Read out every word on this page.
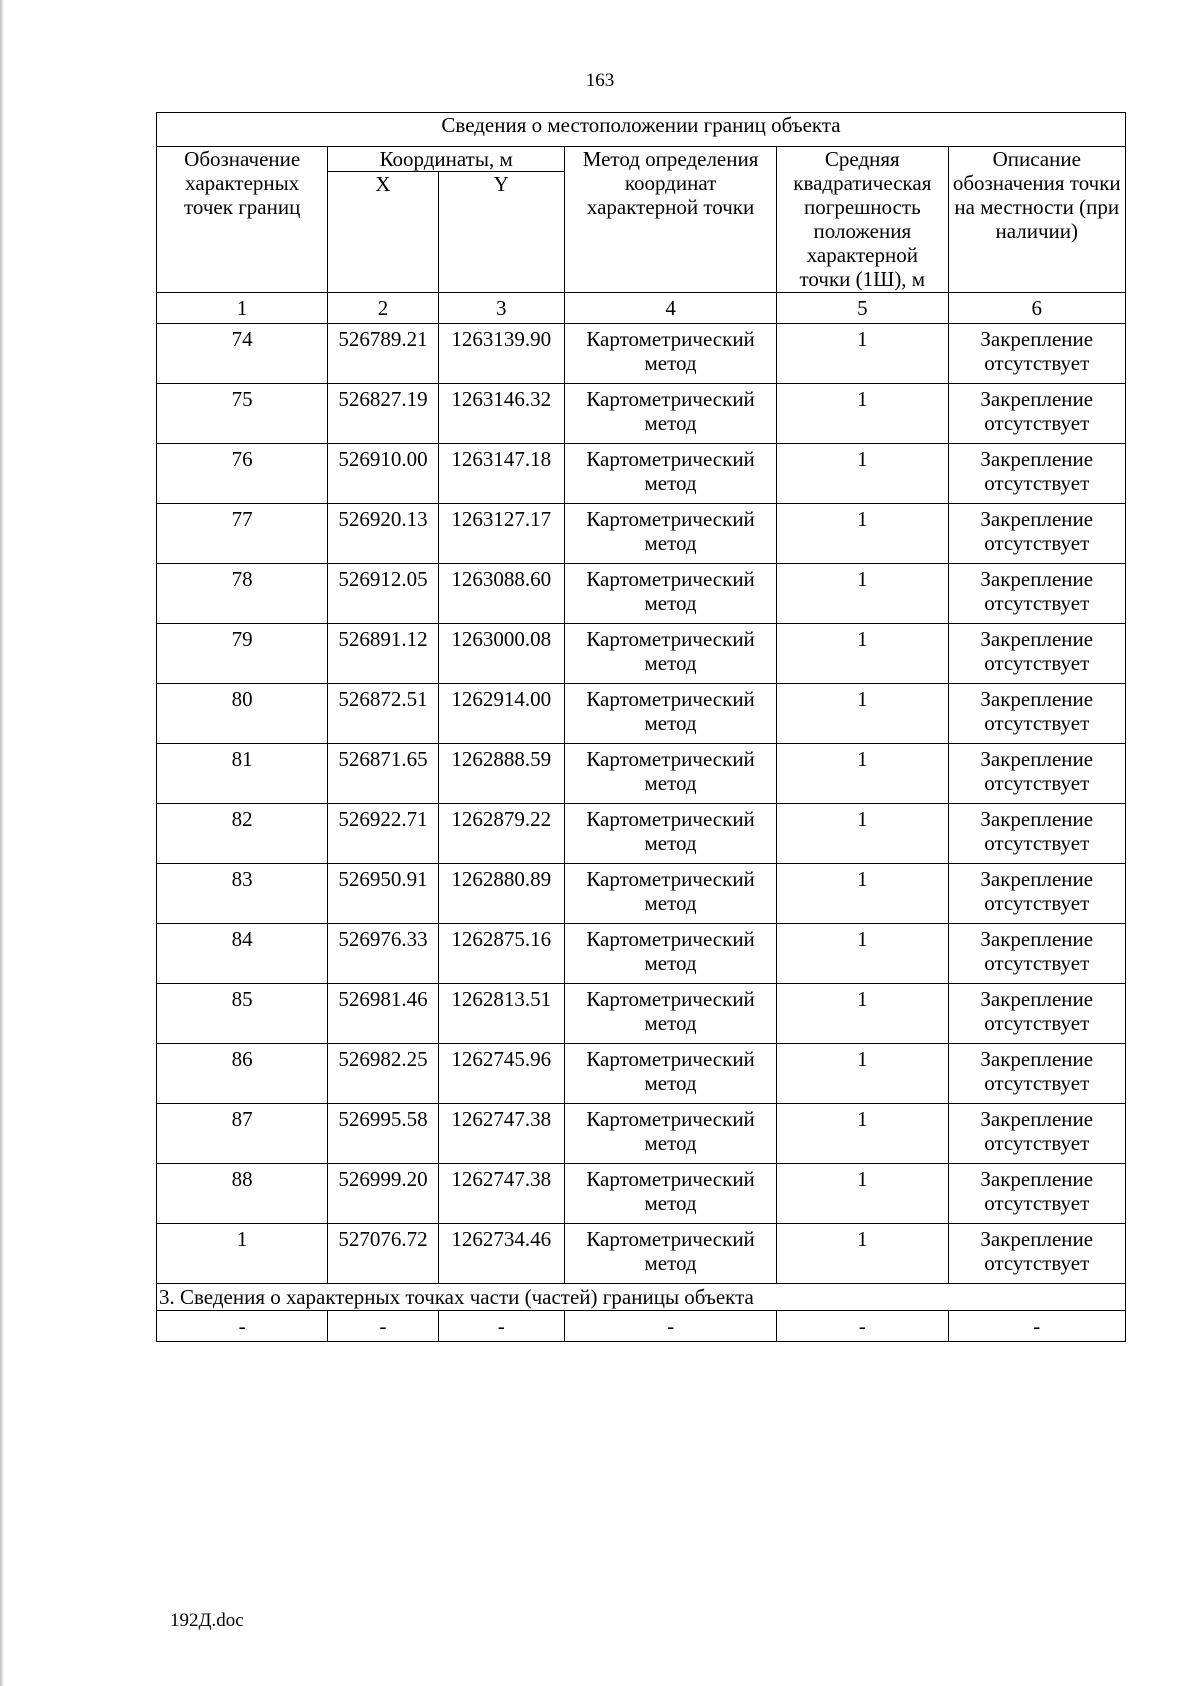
163
Сведения о местоположении границ объекта					
Обозначение характерных точек границ	Координаты, м		Метод определения координат характерной точки	Средняя квадратическая погрешность положения характерной точки (1Ш), м	Описание обозначения точки на местности (при наличии)
	X	Y			
1	2	3	4	5	6
74	526789.21	1263139.90	Картометрический метод	1	Закрепление отсутствует
75	526827.19	1263146.32	Картометрический метод	1	Закрепление отсутствует
76	526910.00	1263147.18	Картометрический метод	1	Закрепление отсутствует
77	526920.13	1263127.17	Картометрический метод	1	Закрепление отсутствует
78	526912.05	1263088.60	Картометрический метод	1	Закрепление отсутствует
79	526891.12	1263000.08	Картометрический метод	1	Закрепление отсутствует
80	526872.51	1262914.00	Картометрический метод	1	Закрепление отсутствует
81	526871.65	1262888.59	Картометрический метод	1	Закрепление отсутствует
82	526922.71	1262879.22	Картометрический метод	1	Закрепление отсутствует
83	526950.91	1262880.89	Картометрический метод	1	Закрепление отсутствует
84	526976.33	1262875.16	Картометрический метод	1	Закрепление отсутствует
85	526981.46	1262813.51	Картометрический метод	1	Закрепление отсутствует
86	526982.25	1262745.96	Картометрический метод	1	Закрепление отсутствует
87	526995.58	1262747.38	Картометрический метод	1	Закрепление отсутствует
88	526999.20	1262747.38	Картометрический метод	1	Закрепление отсутствует
1	527076.72	1262734.46	Картометрический метод	1	Закрепление отсутствует
3. Сведения о характерных точках части (частей) границы объекта					
-	-	-	-	-	-
192Д.doc
